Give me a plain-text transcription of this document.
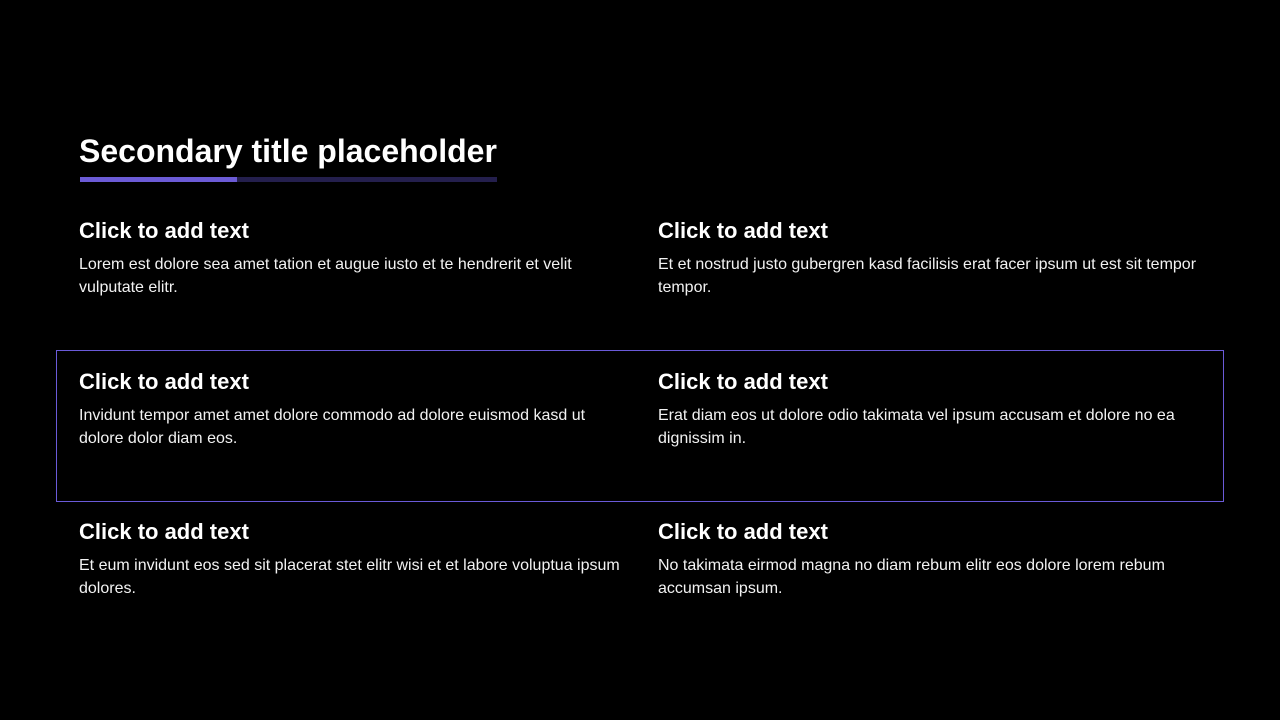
Secondary title placeholder
Click to add text

Lorem est dolore sea amet tation et augue iusto et te hendrerit et velit vulputate elitr.

Click to add text

Et et nostrud justo gubergren kasd facilisis erat facer ipsum ut est sit tempor tempor.

Click to add text

Invidunt tempor amet amet dolore commodo ad dolore euismod kasd ut dolore dolor diam eos.

Click to add text

Erat diam eos ut dolore odio takimata vel ipsum accusam et dolore no ea dignissim in.

Click to add text

Et eum invidunt eos sed sit placerat stet elitr wisi et et labore voluptua ipsum dolores.

Click to add text

No takimata eirmod magna no diam rebum elitr eos dolore lorem rebum accumsan ipsum.
